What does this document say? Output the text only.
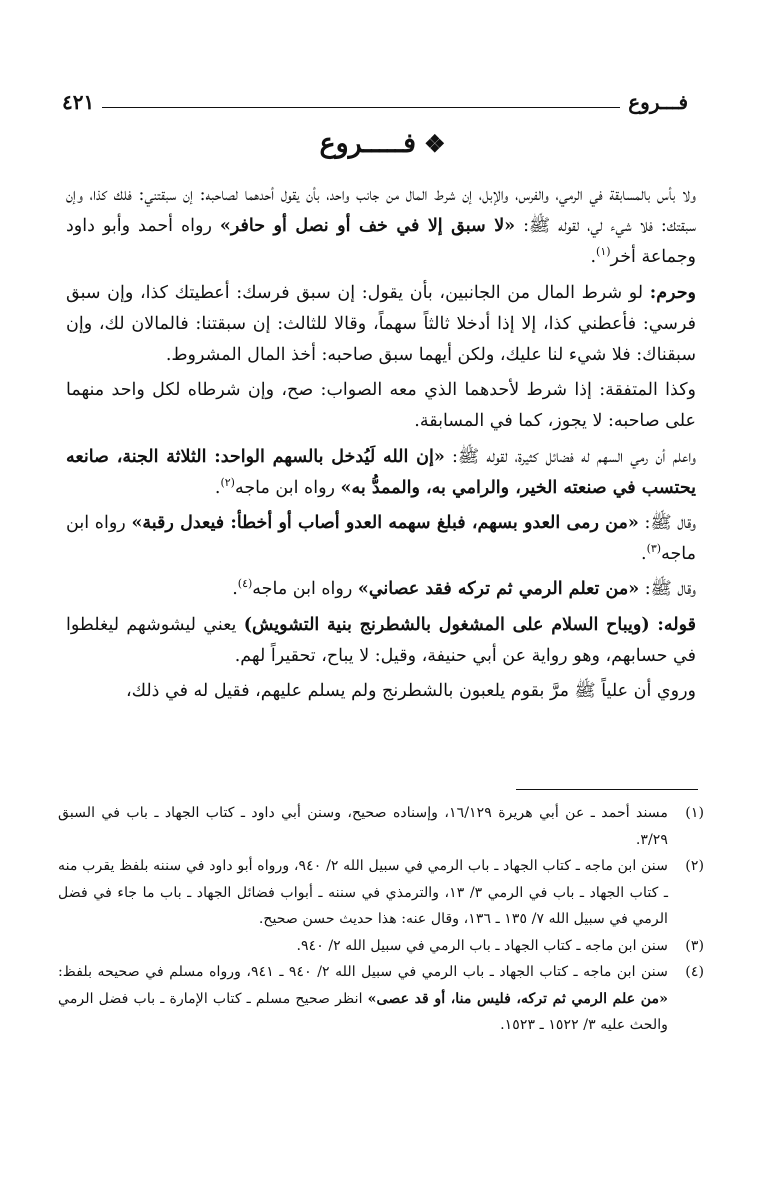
فـــروع
٤٢١
❖فـــــروع

ولا بأس بالمسابقة في الرمي، والفرس، والإبل، إن شرط المال من جانب واحد، بأن يقول أحدهما لصاحبه: إن سبقتني: فلك كذا، وإن سبقتك: فلا شيء لي، لقوله ﷺ: «لا سبق إلا في خف أو نصل أو حافر» رواه أحمد وأبو داود وجماعة أخر$^{(١)}$.

وحرم: لو شرط المال من الجانبين، بأن يقول: إن سبق فرسك: أعطيتك كذا، وإن سبق فرسي: فأعطني كذا، إلا إذا أدخلا ثالثاً سهماً، وقالا للثالث: إن سبقتنا: فالمالان لك، وإن سبقناك: فلا شيء لنا عليك، ولكن أيهما سبق صاحبه: أخذ المال المشروط.

وكذا المتفقة: إذا شرط لأحدهما الذي معه الصواب: صح، وإن شرطاه لكل واحد منهما على صاحبه: لا يجوز، كما في المسابقة.

واعلم أن رمي السهم له فضائل كثيرة، لقوله ﷺ: «إن الله لَيُدخل بالسهم الواحد: الثلاثة الجنة، صانعه يحتسب في صنعته الخير، والرامي به، والممدُّ به» رواه ابن ماجه$^{(٢)}$.

وقال ﷺ: «من رمى العدو بسهم، فبلغ سهمه العدو أصاب أو أخطأ: فيعدل رقبة» رواه ابن ماجه$^{(٣)}$.

وقال ﷺ: «من تعلم الرمي ثم تركه فقد عصاني» رواه ابن ماجه$^{(٤)}$.

قوله: (ويباح السلام على المشغول بالشطرنج بنية التشويش) يعني ليشوشهم ليغلطوا في حسابهم، وهو رواية عن أبي حنيفة، وقيل: لا يباح، تحقيراً لهم.

وروي أن علياً ﷺ مرَّ بقوم يلعبون بالشطرنج ولم يسلم عليهم، فقيل له في ذلك،

(١)
مسند أحمد ـ عن أبي هريرة ١٦/١٢٩، وإسناده صحيح، وسنن أبي داود ـ كتاب الجهاد ـ باب في السبق ٣/٢٩.
(٢)
سنن ابن ماجه ـ كتاب الجهاد ـ باب الرمي في سبيل الله ٢/ ٩٤٠، ورواه أبو داود في سننه بلفظ يقرب منه ـ كتاب الجهاد ـ باب في الرمي ٣/ ١٣، والترمذي في سننه ـ أبواب فضائل الجهاد ـ باب ما جاء في فضل الرمي في سبيل الله ٧/ ١٣٥ ـ ١٣٦، وقال عنه: هذا حديث حسن صحيح.
(٣)
سنن ابن ماجه ـ كتاب الجهاد ـ باب الرمي في سبيل الله ٢/ ٩٤٠.
(٤)
سنن ابن ماجه ـ كتاب الجهاد ـ باب الرمي في سبيل الله ٢/ ٩٤٠ ـ ٩٤١، ورواه مسلم في صحيحه بلفظ: «من علم الرمي ثم تركه، فليس منا، أو قد عصى» انظر صحيح مسلم ـ كتاب الإمارة ـ باب فضل الرمي والحث عليه ٣/ ١٥٢٢ ـ ١٥٢٣.
